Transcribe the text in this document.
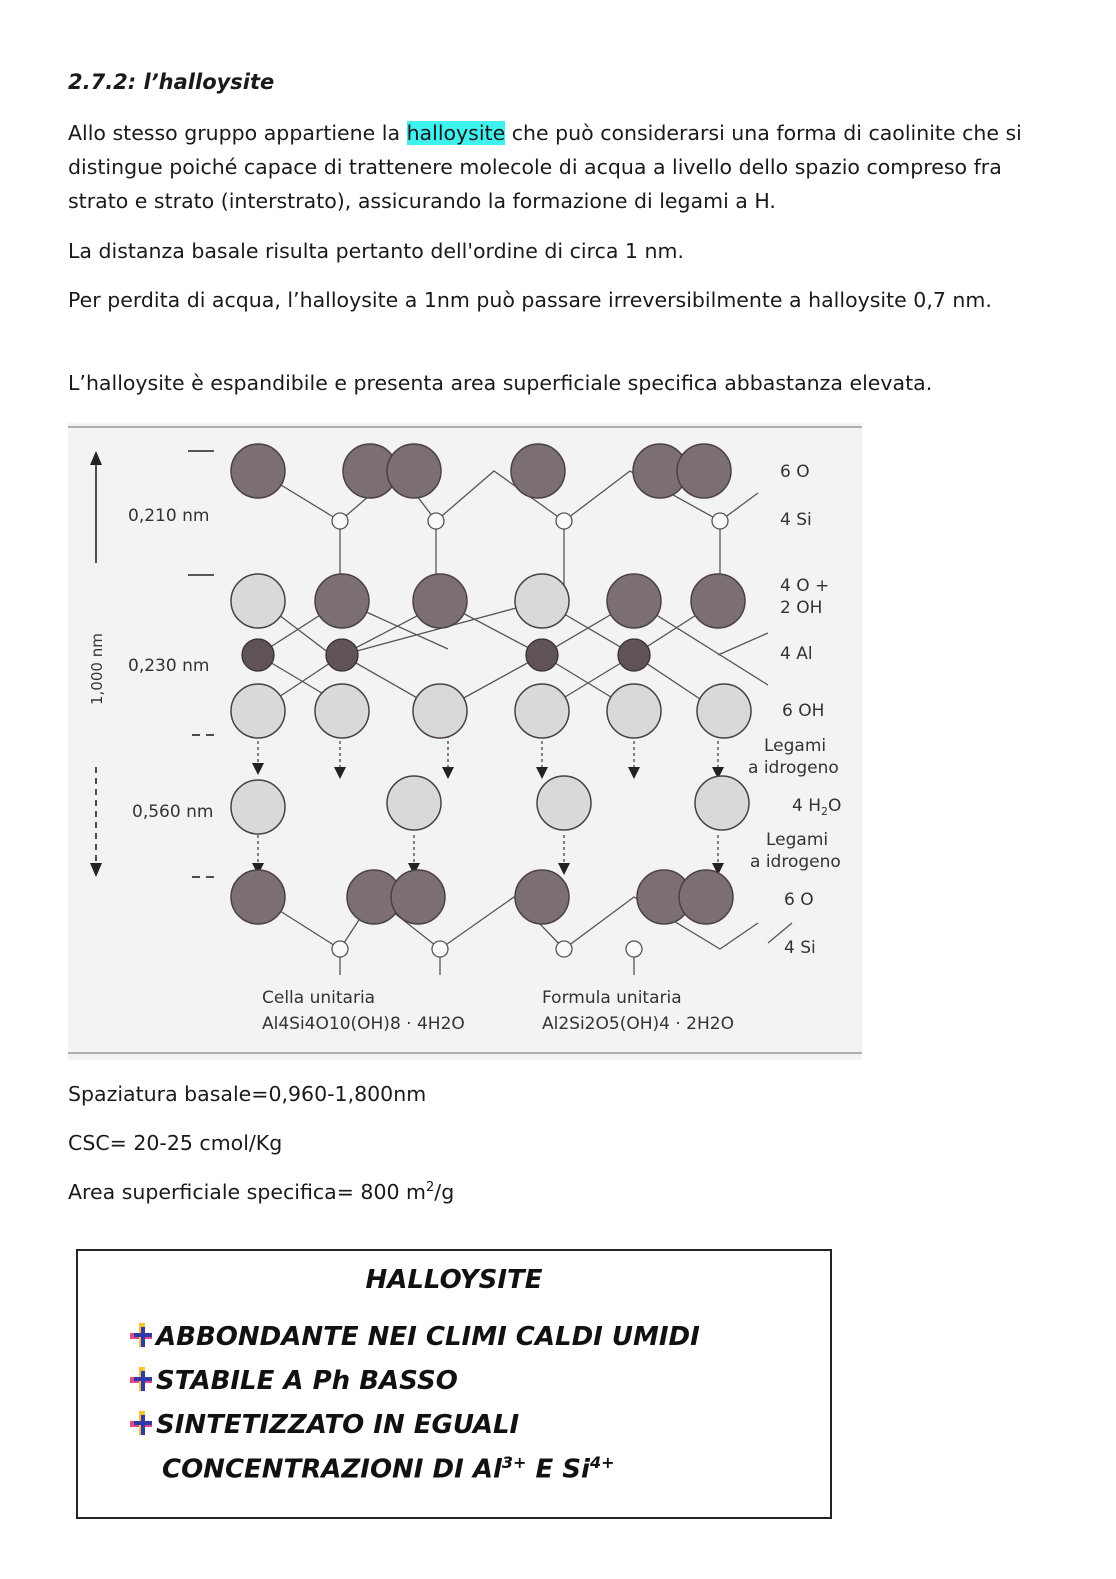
2.7.2: l’halloysite
Allo stesso gruppo appartiene la halloysite che può considerarsi una forma di caolinite che si distingue poiché capace di trattenere molecole di acqua a livello dello spazio compreso fra strato e strato (interstrato), assicurando la formazione di legami a H.
La distanza basale risulta pertanto dell'ordine di circa 1 nm.
Per perdita di acqua, l’halloysite a 1nm può passare irreversibilmente a halloysite 0,7 nm.
L’halloysite è espandibile e presenta area superficiale specifica abbastanza elevata.
0,210 nm
0,230 nm
0,560 nm
1,000 nm
6 O
4 Si
4 O +
2 OH
4 Al
6 OH
Legami
a idrogeno
4 $H_2O$
Legami
a idrogeno
6 O
4 Si
Cella unitaria
Al4Si4O10(OH)8 · 4H2O
Formula unitaria
Al2Si2O5(OH)4 · 2H2O
Spaziatura basale=0,960-1,800nm
CSC= 20-25 cmol/Kg
Area superficiale specifica= 800 $m^2/g$
HALLOYSITE
ABBONDANTE NEI CLIMI CALDI UMIDI
STABILE A Ph BASSO
SINTETIZZATO IN EGUALI
CONCENTRAZIONI DI $Al^{3+}$ E $Si^{4+}$
